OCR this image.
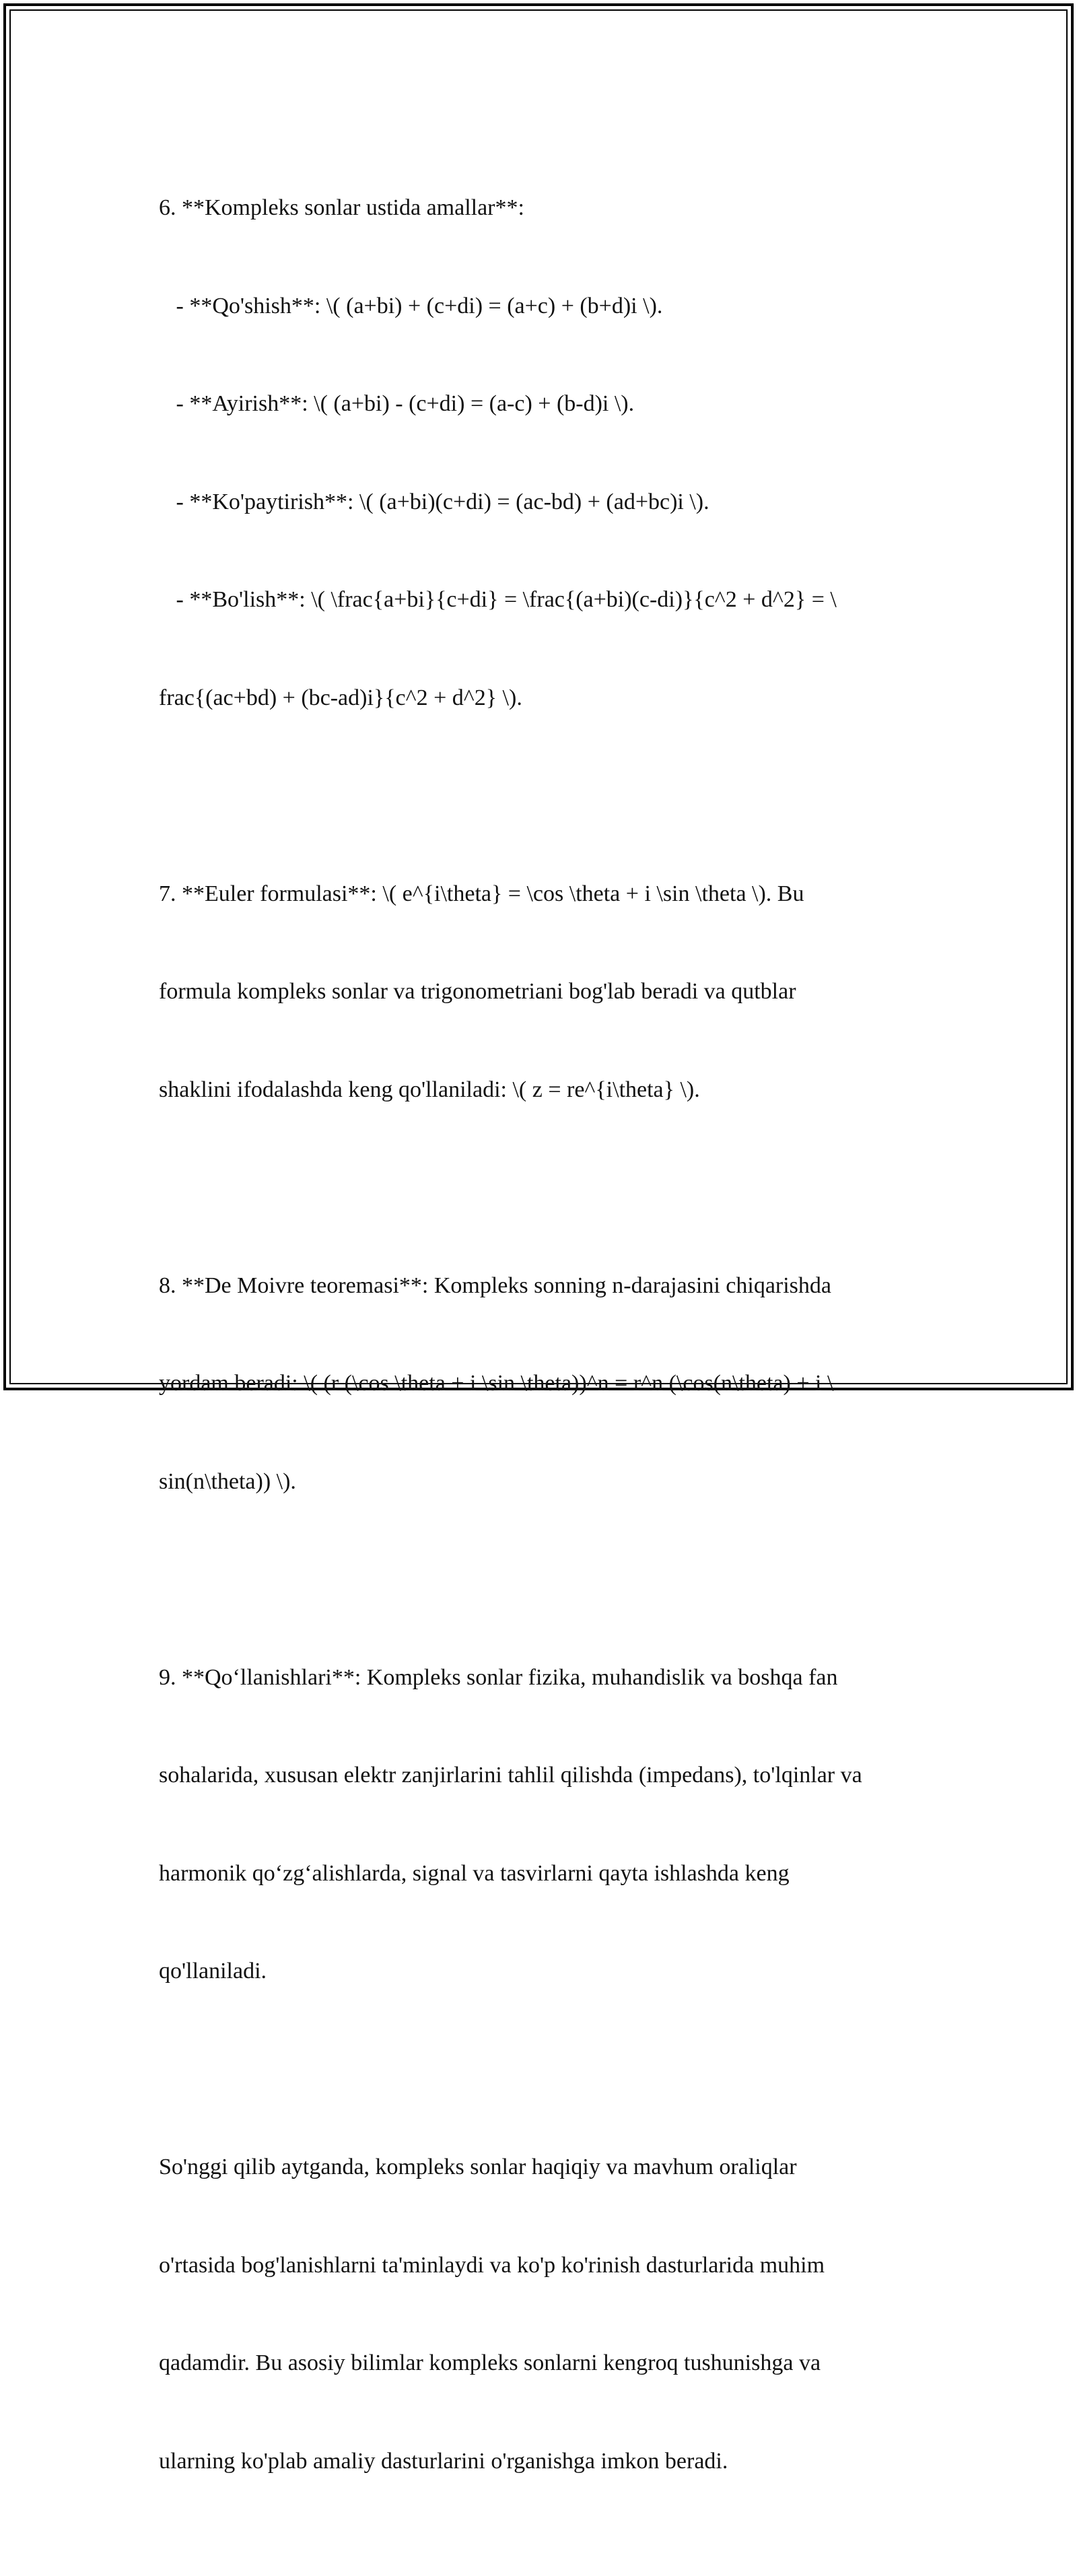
6. **Kompleks sonlar ustida amallar**:

- **Qo'shish**: \( (a+bi) + (c+di) = (a+c) + (b+d)i \).

- **Ayirish**: \( (a+bi) - (c+di) = (a-c) + (b-d)i \).

- **Ko'paytirish**: \( (a+bi)(c+di) = (ac-bd) + (ad+bc)i \).

- **Bo'lish**: \( \frac{a+bi}{c+di} = \frac{(a+bi)(c-di)}{c^2 + d^2} = \

frac{(ac+bd) + (bc-ad)i}{c^2 + d^2} \).

7. **Euler formulasi**: \( e^{i\theta} = \cos \theta + i \sin \theta \). Bu

formula kompleks sonlar va trigonometriani bog'lab beradi va qutblar

shaklini ifodalashda keng qo'llaniladi: \( z = re^{i\theta} \).

8. **De Moivre teoremasi**: Kompleks sonning n-darajasini chiqarishda

yordam beradi: \( (r (\cos \theta + i \sin \theta))^n = r^n (\cos(n\theta) + i \

sin(n\theta)) \).

9. **Qo‘llanishlari**: Kompleks sonlar fizika, muhandislik va boshqa fan

sohalarida, xususan elektr zanjirlarini tahlil qilishda (impedans), to'lqinlar va

harmonik qo‘zg‘alishlarda, signal va tasvirlarni qayta ishlashda keng

qo'llaniladi.

So'nggi qilib aytganda, kompleks sonlar haqiqiy va mavhum oraliqlar

o'rtasida bog'lanishlarni ta'minlaydi va ko'p ko'rinish dasturlarida muhim

qadamdir. Bu asosiy bilimlar kompleks sonlarni kengroq tushunishga va

ularning ko'plab amaliy dasturlarini o'rganishga imkon beradi.
